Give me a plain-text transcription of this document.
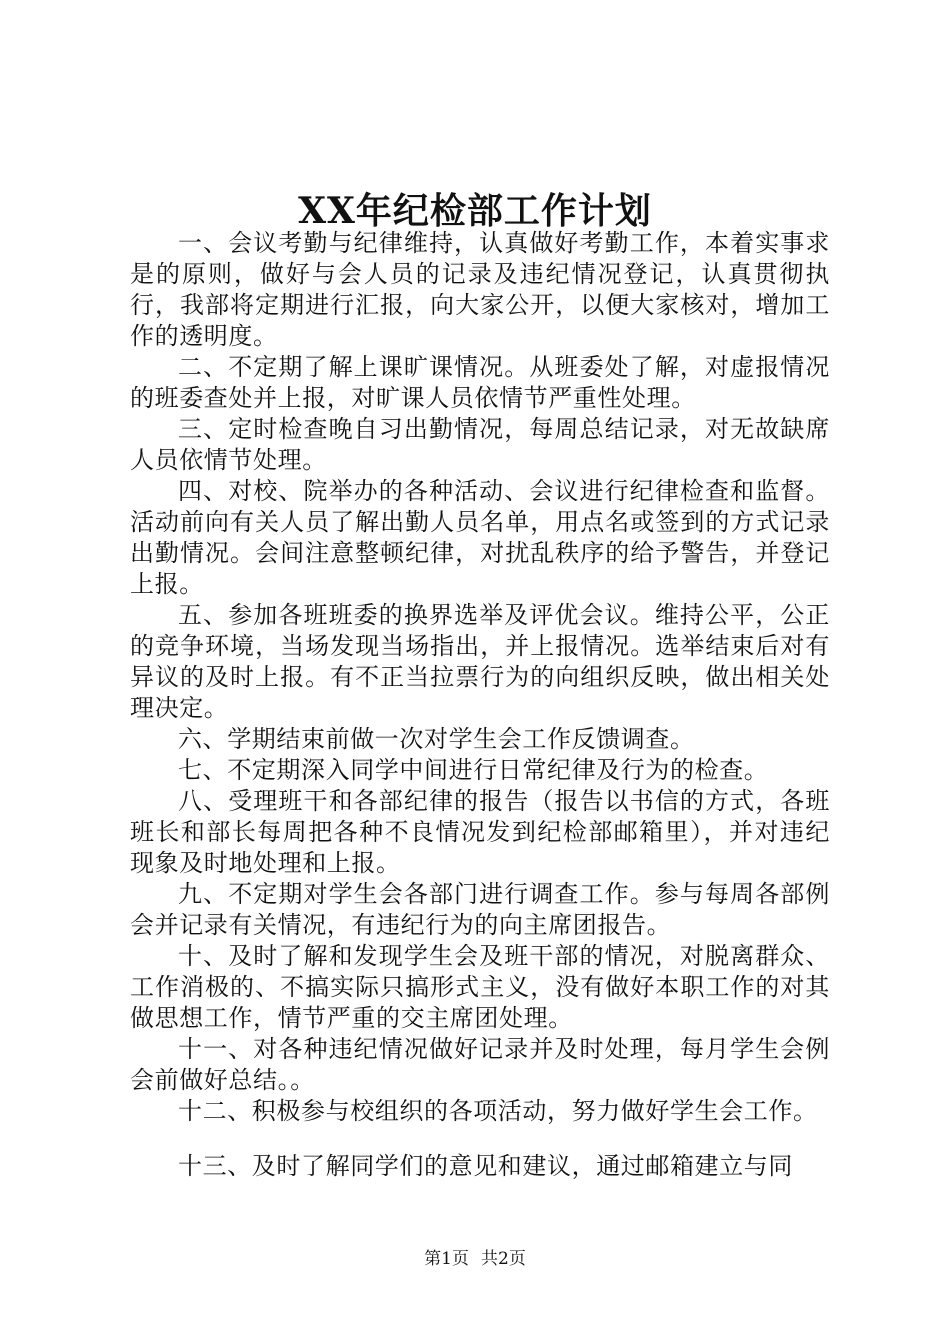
XX年纪检部工作计划

一、会议考勤与纪律维持，认真做好考勤工作，本着实事求是的原则，做好与会人员的记录及违纪情况登记，认真贯彻执行，我部将定期进行汇报，向大家公开，以便大家核对，增加工作的透明度。

二、不定期了解上课旷课情况。从班委处了解，对虚报情况的班委查处并上报，对旷课人员依情节严重性处理。

三、定时检查晚自习出勤情况，每周总结记录，对无故缺席人员依情节处理。

四、对校、院举办的各种活动、会议进行纪律检查和监督。活动前向有关人员了解出勤人员名单，用点名或签到的方式记录出勤情况。会间注意整顿纪律，对扰乱秩序的给予警告，并登记上报。

五、参加各班班委的换界选举及评优会议。维持公平，公正的竞争环境，当场发现当场指出，并上报情况。选举结束后对有异议的及时上报。有不正当拉票行为的向组织反映，做出相关处理决定。

六、学期结束前做一次对学生会工作反馈调查。

七、不定期深入同学中间进行日常纪律及行为的检查。

八、受理班干和各部纪律的报告（报告以书信的方式，各班班长和部长每周把各种不良情况发到纪检部邮箱里），并对违纪现象及时地处理和上报。

九、不定期对学生会各部门进行调查工作。参与每周各部例会并记录有关情况，有违纪行为的向主席团报告。

十、及时了解和发现学生会及班干部的情况，对脱离群众、工作消极的、不搞实际只搞形式主义，没有做好本职工作的对其做思想工作，情节严重的交主席团处理。

十一、对各种违纪情况做好记录并及时处理，每月学生会例会前做好总结。。

十二、积极参与校组织的各项活动，努力做好学生会工作。

十三、及时了解同学们的意见和建议，通过邮箱建立与同

第1页 共2页
